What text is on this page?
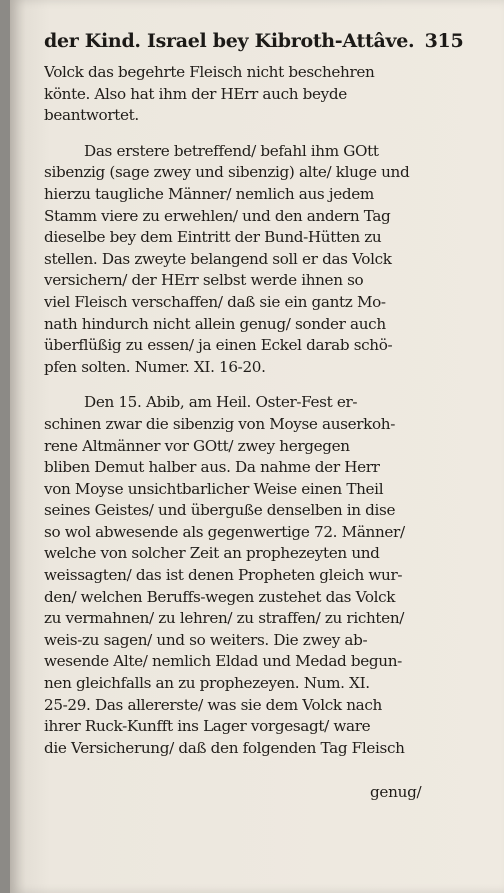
der Kind. Israel bey Kibroth-Attâve. 315
Volck das begehrte Fleisch nicht beschehren
könte. Also hat ihm der HErr auch beyde
beantwortet.
Das erstere betreffend/ befahl ihm GOtt
sibenzig (sage zwey und sibenzig) alte/ kluge und
hierzu taugliche Männer/ nemlich aus jedem
Stamm viere zu erwehlen/ und den andern Tag
dieselbe bey dem Eintritt der Bund-Hütten zu
stellen. Das zweyte belangend soll er das Volck
versichern/ der HErr selbst werde ihnen so
viel Fleisch verschaffen/ daß sie ein gantz Mo-
nath hindurch nicht allein genug/ sonder auch
überflüßig zu essen/ ja einen Eckel darab schö-
pfen solten. Numer. XI. 16-20.
Den 15. Abib, am Heil. Oster-Fest er-
schinen zwar die sibenzig von Moyse auserkoh-
rene Altmänner vor GOtt/ zwey hergegen
bliben Demut halber aus. Da nahme der Herr
von Moyse unsichtbarlicher Weise einen Theil
seines Geistes/ und überguße denselben in dise
so wol abwesende als gegenwertige 72. Männer/
welche von solcher Zeit an prophezeyten und
weissagten/ das ist denen Propheten gleich wur-
den/ welchen Beruffs-wegen zustehet das Volck
zu vermahnen/ zu lehren/ zu straffen/ zu richten/
weis-zu sagen/ und so weiters. Die zwey ab-
wesende Alte/ nemlich Eldad und Medad begun-
nen gleichfalls an zu prophezeyen. Num. XI.
25-29. Das allererste/ was sie dem Volck nach
ihrer Ruck-Kunfft ins Lager vorgesagt/ ware
die Versicherung/ daß den folgenden Tag Fleisch
genug/
